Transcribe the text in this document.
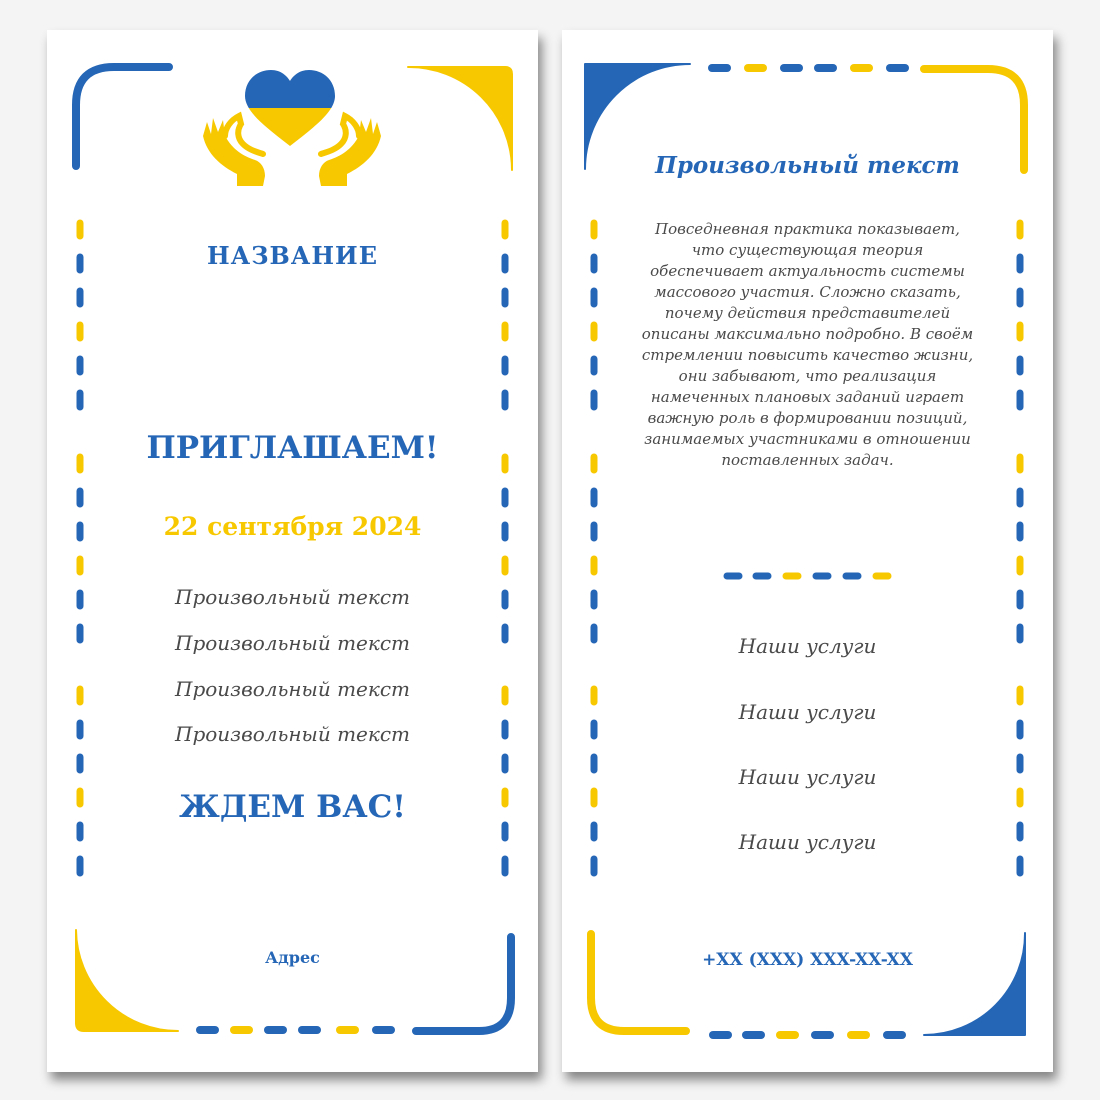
НАЗВАНИЕ

ПРИГЛАШАЕМ!

22 сентября 2024

Произвольный текст

Произвольный текст

Произвольный текст

Произвольный текст

ЖДЕМ ВАС!

Адрес

Произвольный текст

Повседневная практика показывает, что существующая теория обеспечивает актуальность системы массового участия. Сложно сказать, почему действия представителей описаны максимально подробно. В своём стремлении повысить качество жизни, они забывают, что реализация намеченных плановых заданий играет важную роль в формировании позиций, занимаемых участниками в отношении поставленных задач.

Наши услуги

Наши услуги

Наши услуги

Наши услуги

+XX (XXX) XXX-XX-XX
